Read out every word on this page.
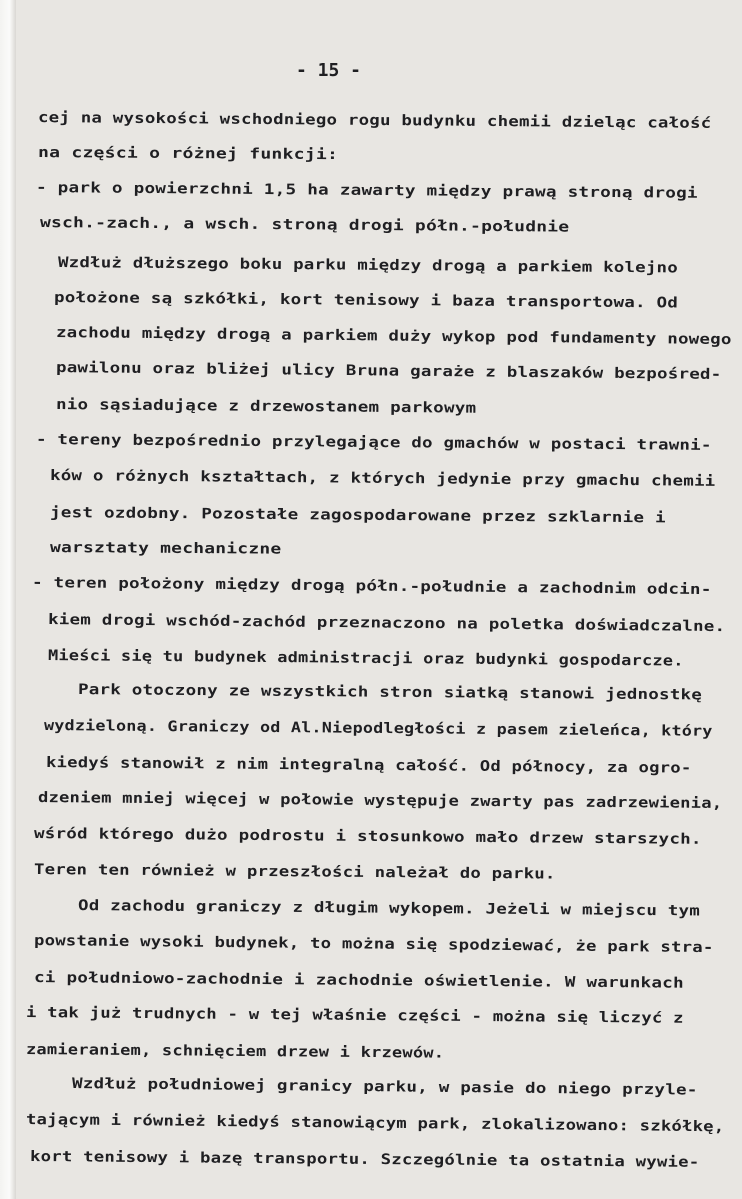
- 15 -
cej na wysokości wschodniego rogu budynku chemii dzieląc całość
na części o różnej funkcji:
- park o powierzchni 1,5 ha zawarty między prawą stroną drogi
wsch.-zach., a wsch. stroną drogi półn.-południe
Wzdłuż dłuższego boku parku między drogą a parkiem kolejno
położone są szkółki, kort tenisowy i baza transportowa. Od
zachodu między drogą a parkiem duży wykop pod fundamenty nowego
pawilonu oraz bliżej ulicy Bruna garaże z blaszaków bezpośred-
nio sąsiadujące z drzewostanem parkowym
- tereny bezpośrednio przylegające do gmachów w postaci trawni-
ków o różnych kształtach, z których jedynie przy gmachu chemii
jest ozdobny. Pozostałe zagospodarowane przez szklarnie i
warsztaty mechaniczne
- teren położony między drogą półn.-południe a zachodnim odcin-
kiem drogi wschód-zachód przeznaczono na poletka doświadczalne.
Mieści się tu budynek administracji oraz budynki gospodarcze.
Park otoczony ze wszystkich stron siatką stanowi jednostkę
wydzieloną. Graniczy od Al.Niepodległości z pasem zieleńca, który
kiedyś stanowił z nim integralną całość. Od północy, za ogro-
dzeniem mniej więcej w połowie występuje zwarty pas zadrzewienia,
wśród którego dużo podrostu i stosunkowo mało drzew starszych.
Teren ten również w przeszłości należał do parku.
Od zachodu graniczy z długim wykopem. Jeżeli w miejscu tym
powstanie wysoki budynek, to można się spodziewać, że park stra-
ci południowo-zachodnie i zachodnie oświetlenie. W warunkach
i tak już trudnych - w tej właśnie części - można się liczyć z
zamieraniem, schnięciem drzew i krzewów.
Wzdłuż południowej granicy parku, w pasie do niego przyle-
tającym i również kiedyś stanowiącym park, zlokalizowano: szkółkę,
kort tenisowy i bazę transportu. Szczególnie ta ostatnia wywie-
